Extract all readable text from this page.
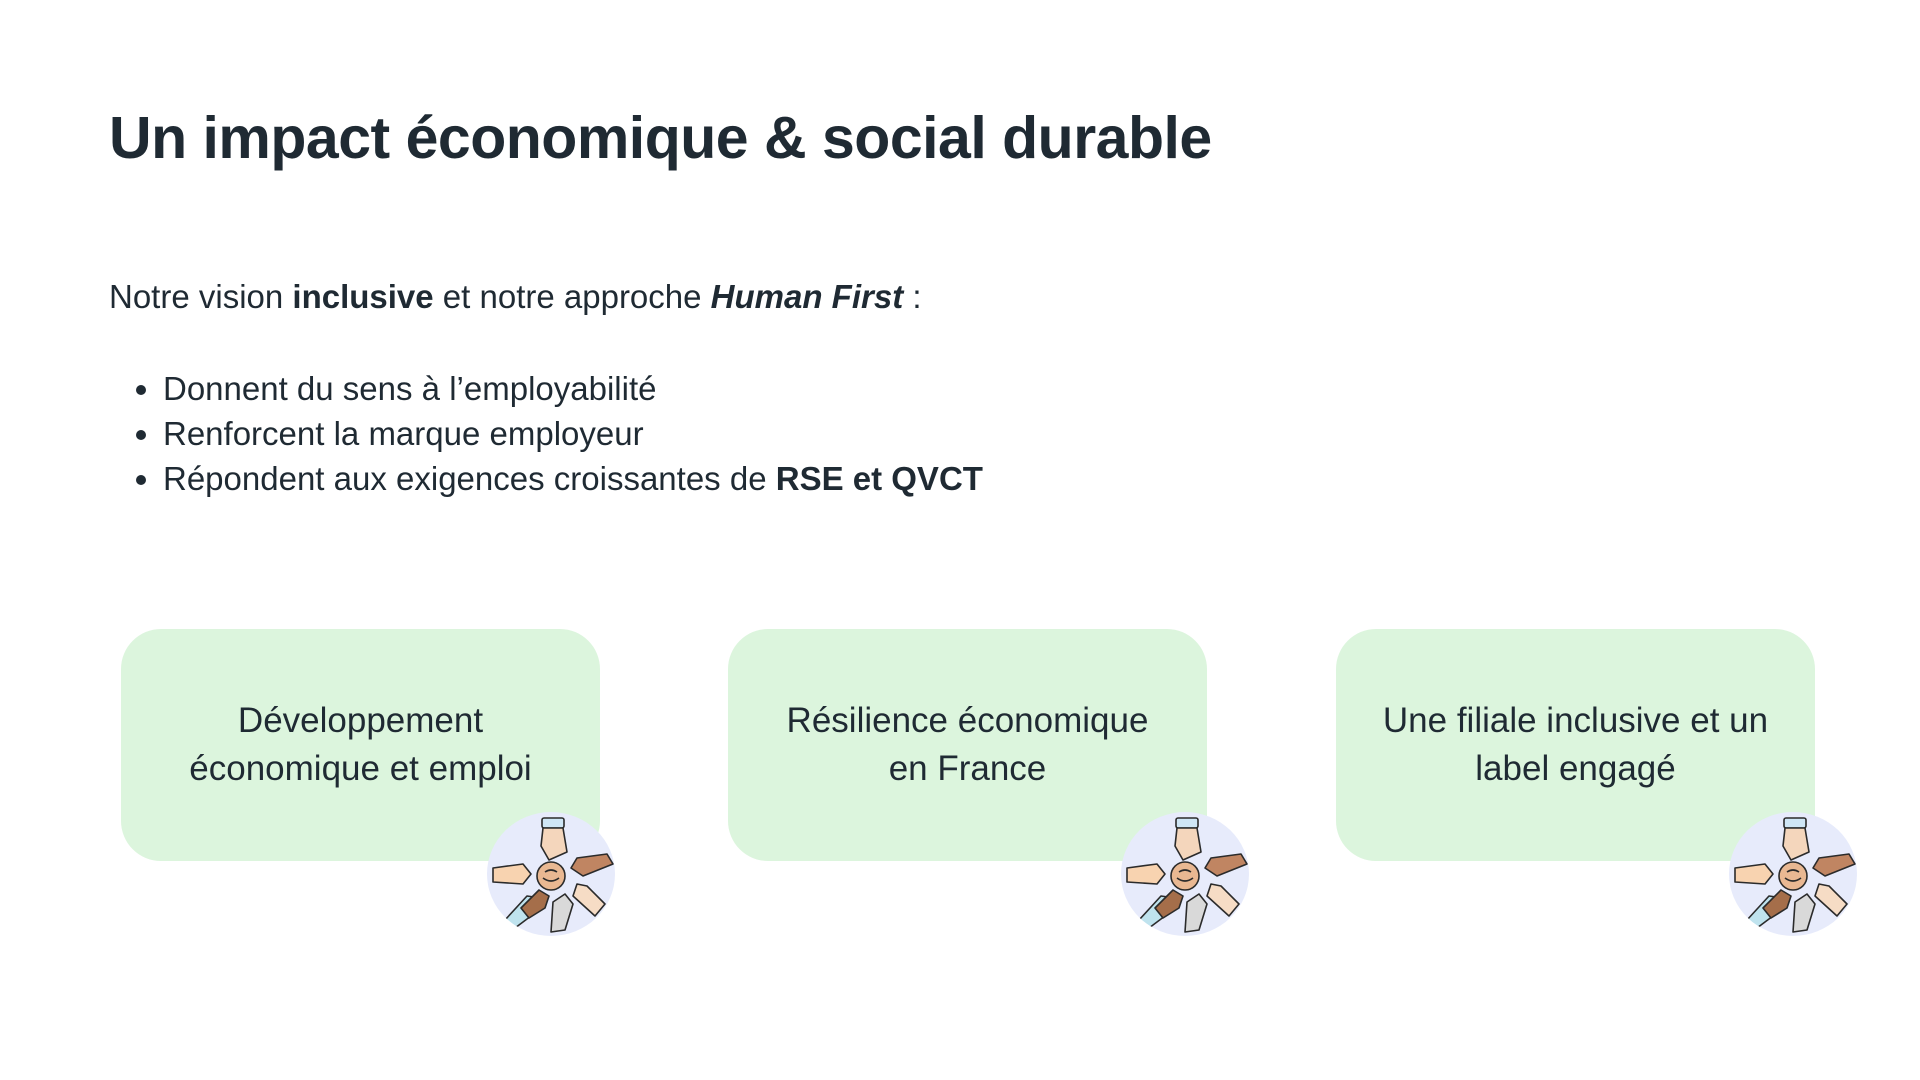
Un impact économique & social durable

Notre vision inclusive et notre approche Human First :

Donnent du sens à l’employabilité
Renforcent la marque employeur
Répondent aux exigences croissantes de RSE et QVCT
Développement
économique et emploi
Résilience économique
en France
Une filiale inclusive et un
label engagé
